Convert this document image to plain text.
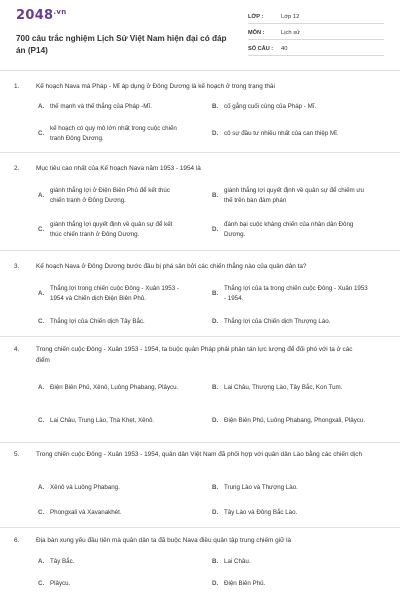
$2048^{.vn}$
700 câu trắc nghiệm Lịch Sử Việt Nam hiện đại có đáp án (P14)
LỚP :	Lớp 12
MÔN :	Lịch sử
SỐ CÂU :	40
1.	Kế hoạch Nava mà Pháp - Mĩ áp dụng ở Đông Dương là kế hoạch ở trong trạng thái
A. thế mạnh và thế thắng của Pháp -Mĩ.	B. cố gắng cuối cùng của Pháp - Mĩ.
C.
kế hoạch có quy mô lớn nhất trong cuộc chiến tranh Đông Dương.
D. cô sự đầu tư nhiều nhất của can thiệp Mĩ.
2.	Mục tiêu cao nhất của Kế hoạch Nava năm 1953 - 1954 là
A.
giành thắng lợi ở Điện Biên Phủ để kết thúc chiến tranh ở Đông Dương.
B.
giành thắng lợi quyết định về quân sự để chiếm ưu thế trên bàn đàm phán
C.
giành thắng lợi quyết định về quân sự để kết thúc chiến tranh ở Đông Dương.
D.
đánh bại cuộc kháng chiến của nhân dân Đông Dương.
3.	Kế hoạch Nava ở Đông Dương bước đầu bị phá sản bởi các chiến thắng nào của quân dân ta?
A.
Thắng lợi trong chiến cuộc Đông - Xuân 1953 - 1954 và Chiến dịch Điện Biên Phủ.
B.
Thắng lợi của ta trong chiến cuộc Đông - Xuân 1953 - 1954.
C. Thắng lợi của Chiến dịch Tây Bắc.	D. Thắng lợi của Chiến dịch Thượng Lào.
4.	Trong chiến cuộc Đông - Xuân 1953 - 1954, ta buộc quân Pháp phải phân tán lực lượng để đối phó với ta ở các điểm
A. Điện Biên Phủ, Xênô, Luông Phabang, Plâycu.	B. Lai Châu, Thượng Lào, Tây Bắc, Kon Tum.
C. Lai Châu, Trung Lào, Thà Khẹt, Xênô.	D. Điện Biên Phủ, Luông Phabang, Phongxali, Plâycu.
5.	Trong chiến cuộc Đông - Xuân 1953 - 1954, quân dân Việt Nam đã phối hợp với quân dân Lào bằng các chiến dịch
A. Xênô và Luông Phabang.	B. Trung Lào và Thượng Lào.
C. Phongxali và Xavanakhét.	D. Tây Lào và Đông Bắc Lào.
6.	Địa bàn xung yếu đầu tiên mà quân dân ta đã buộc Nava điều quân tập trung chiếm giữ là
A. Tây Bắc.	B. Lai Châu.
C. Plâycu.	D. Điện Biên Phủ.
